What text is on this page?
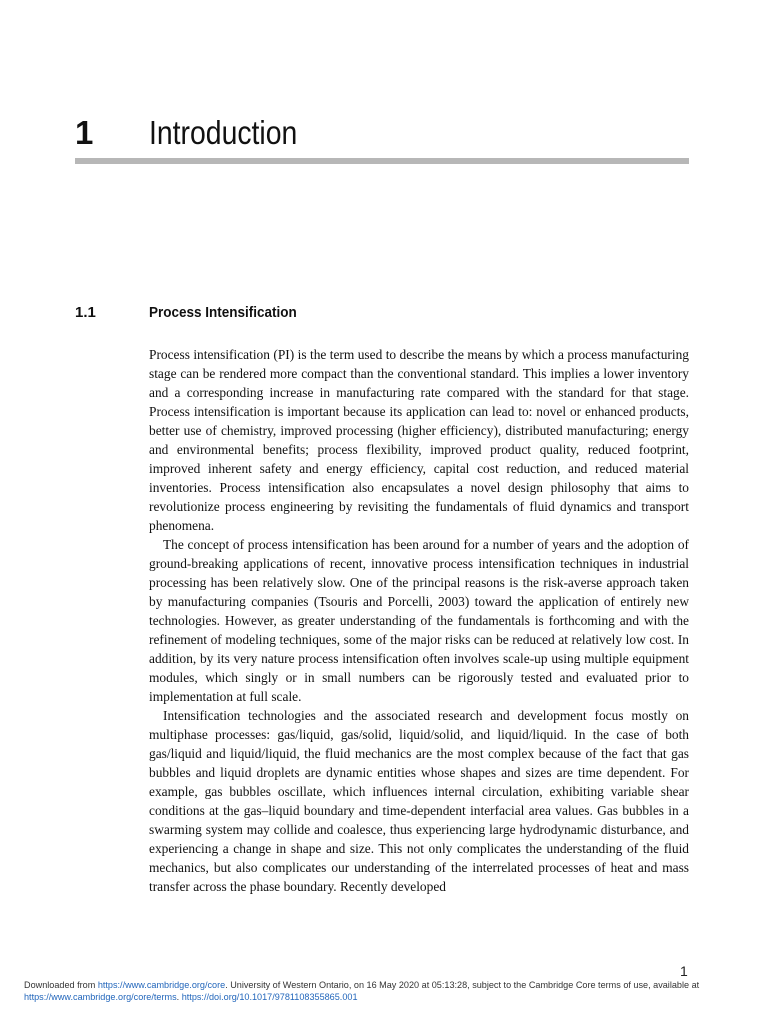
1 Introduction
1.1	Process Intensification

Process intensification (PI) is the term used to describe the means by which a process manufacturing stage can be rendered more compact than the conventional standard. This implies a lower inventory and a corresponding increase in manufacturing rate compared with the standard for that stage. Process intensification is important because its application can lead to: novel or enhanced products, better use of chemistry, improved processing (higher efficiency), distributed manufacturing; energy and environmental benefits; process flexibility, improved product quality, reduced footprint, improved inherent safety and energy efficiency, capital cost reduction, and reduced material inventories. Process intensification also encapsulates a novel design philosophy that aims to revolutionize process engineering by revisiting the fundamentals of fluid dynamics and transport phenomena.

The concept of process intensification has been around for a number of years and the adoption of ground-breaking applications of recent, innovative process intensification techniques in industrial processing has been relatively slow. One of the principal reasons is the risk-averse approach taken by manufacturing companies (Tsouris and Porcelli, 2003) toward the application of entirely new technologies. However, as greater understanding of the fundamentals is forthcoming and with the refinement of modeling techniques, some of the major risks can be reduced at relatively low cost. In addition, by its very nature process intensification often involves scale-up using multiple equipment modules, which singly or in small numbers can be rigorously tested and evaluated prior to implementation at full scale.

Intensification technologies and the associated research and development focus mostly on multiphase processes: gas/liquid, gas/solid, liquid/solid, and liquid/liquid. In the case of both gas/liquid and liquid/liquid, the fluid mechanics are the most complex because of the fact that gas bubbles and liquid droplets are dynamic entities whose shapes and sizes are time dependent. For example, gas bubbles oscillate, which influences internal circulation, exhibiting variable shear conditions at the gas–liquid boundary and time-dependent interfacial area values. Gas bubbles in a swarming system may collide and coalesce, thus experiencing large hydrodynamic disturbance, and experiencing a change in shape and size. This not only complicates the understanding of the fluid mechanics, but also complicates our understanding of the interrelated processes of heat and mass transfer across the phase boundary. Recently developed

1
Downloaded from https://www.cambridge.org/core. University of Western Ontario, on 16 May 2020 at 05:13:28, subject to the Cambridge Core terms of use, available at https://www.cambridge.org/core/terms. https://doi.org/10.1017/9781108355865.001
